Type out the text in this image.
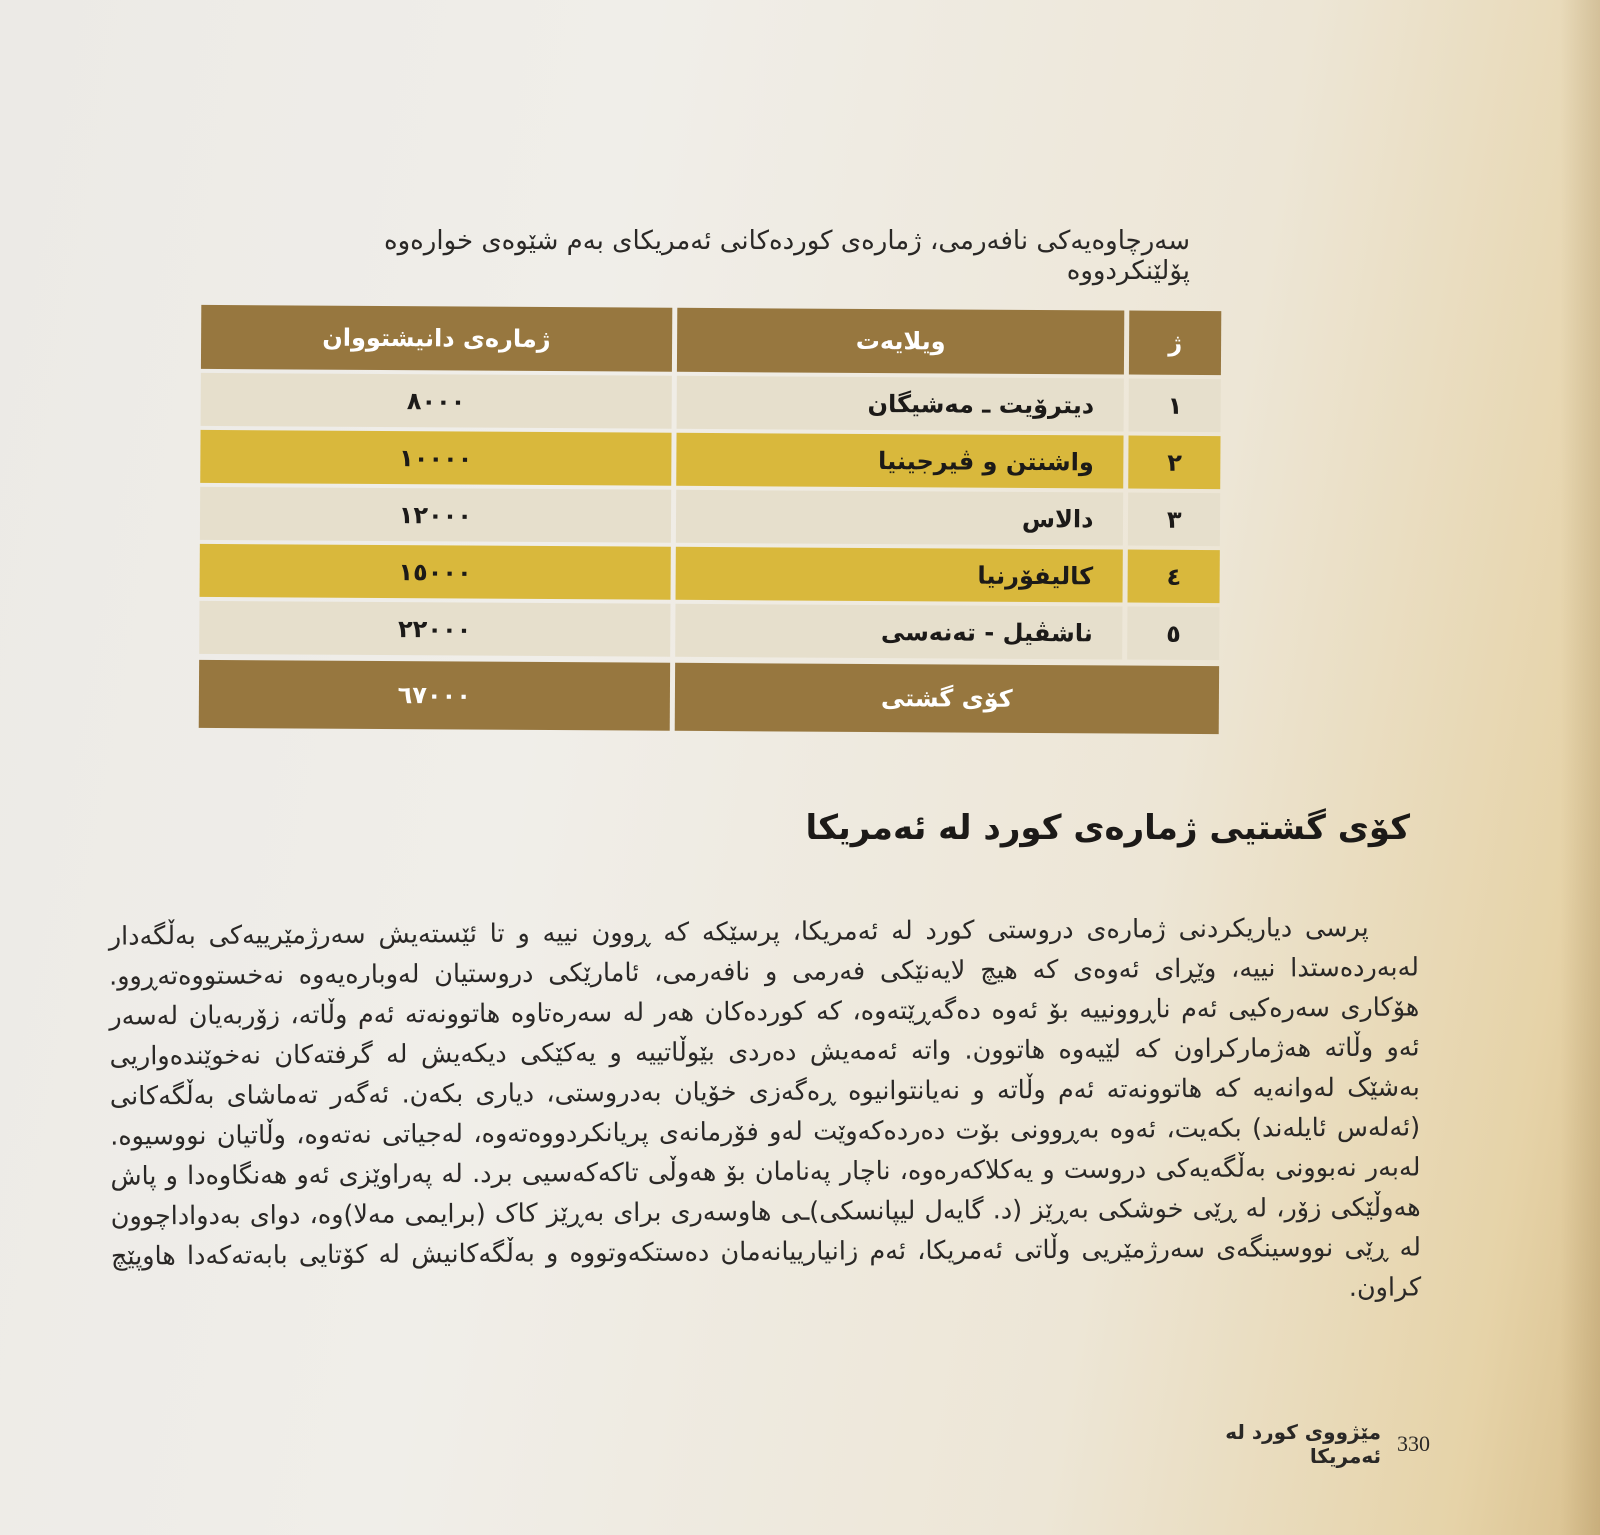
سەرچاوەیەکی نافەرمی، ژمارەی کوردەکانی ئەمریکای بەم شێوەی خوارەوە پۆلێنکردووە
ژ
ویلایەت
ژمارەی دانیشتووان
١
دیترۆیت ـ مەشیگان
٨٠٠٠
٢
واشنتن و ڤیرجینیا
١٠٠٠٠
٣
دالاس
١٢٠٠٠
٤
کالیفۆرنیا
١٥٠٠٠
٥
ناشڤیل - تەنەسی
٢٢٠٠٠
کۆی گشتی
٦٧٠٠٠
کۆی گشتیی ژمارەی کورد لە ئەمریکا

پرسی دیاریکردنی ژمارەی دروستی کورد لە ئەمریکا، پرسێکە کە ڕوون نییە و تا ئێستەیش سەرژمێرییەکی بەڵگەدار لەبەردەستدا نییە، وێڕای ئەوەی کە هیچ لایەنێکی فەرمی و نافەرمی، ئامارێکی دروستیان لەوبارەیەوە نەخستووەتەڕوو. هۆکاری سەرەکیی ئەم ناڕوونییە بۆ ئەوە دەگەڕێتەوە، کە کوردەکان هەر لە سەرەتاوە هاتوونەتە ئەم وڵاتە، زۆربەیان لەسەر ئەو وڵاتە هەژمارکراون کە لێیەوە هاتوون. واتە ئەمەیش دەردی بێوڵاتییە و یەکێکی دیکەیش لە گرفتەکان نەخوێندەواریی بەشێک لەوانەیە کە هاتوونەتە ئەم وڵاتە و نەیانتوانیوە ڕەگەزی خۆیان بەدروستی، دیاری بکەن. ئەگەر تەماشای بەڵگەکانی (ئەلەس ئایلەند) بکەیت، ئەوە بەڕوونی بۆت دەردەکەوێت لەو فۆرمانەی پریانکردووەتەوە، لەجیاتی نەتەوە، وڵاتیان نووسیوە. لەبەر نەبوونی بەڵگەیەکی دروست و یەکلاکەرەوە، ناچار پەنامان بۆ هەوڵی تاکەکەسیی برد. لە پەراوێزی ئەو هەنگاوەدا و پاش هەوڵێکی زۆر، لە ڕێی خوشکی بەڕێز (د. گایەل لیپانسکی)ـی هاوسەری برای بەڕێز کاک (برایمی مەلا)وە، دوای بەدواداچوون لە ڕێی نووسینگەی سەرژمێریی وڵاتی ئەمریکا، ئەم زانیارییانەمان دەستکەوتووە و بەڵگەکانیش لە کۆتایی بابەتەکەدا هاوپێچ کراون.

مێژووی کورد لە ئەمریکا 330
